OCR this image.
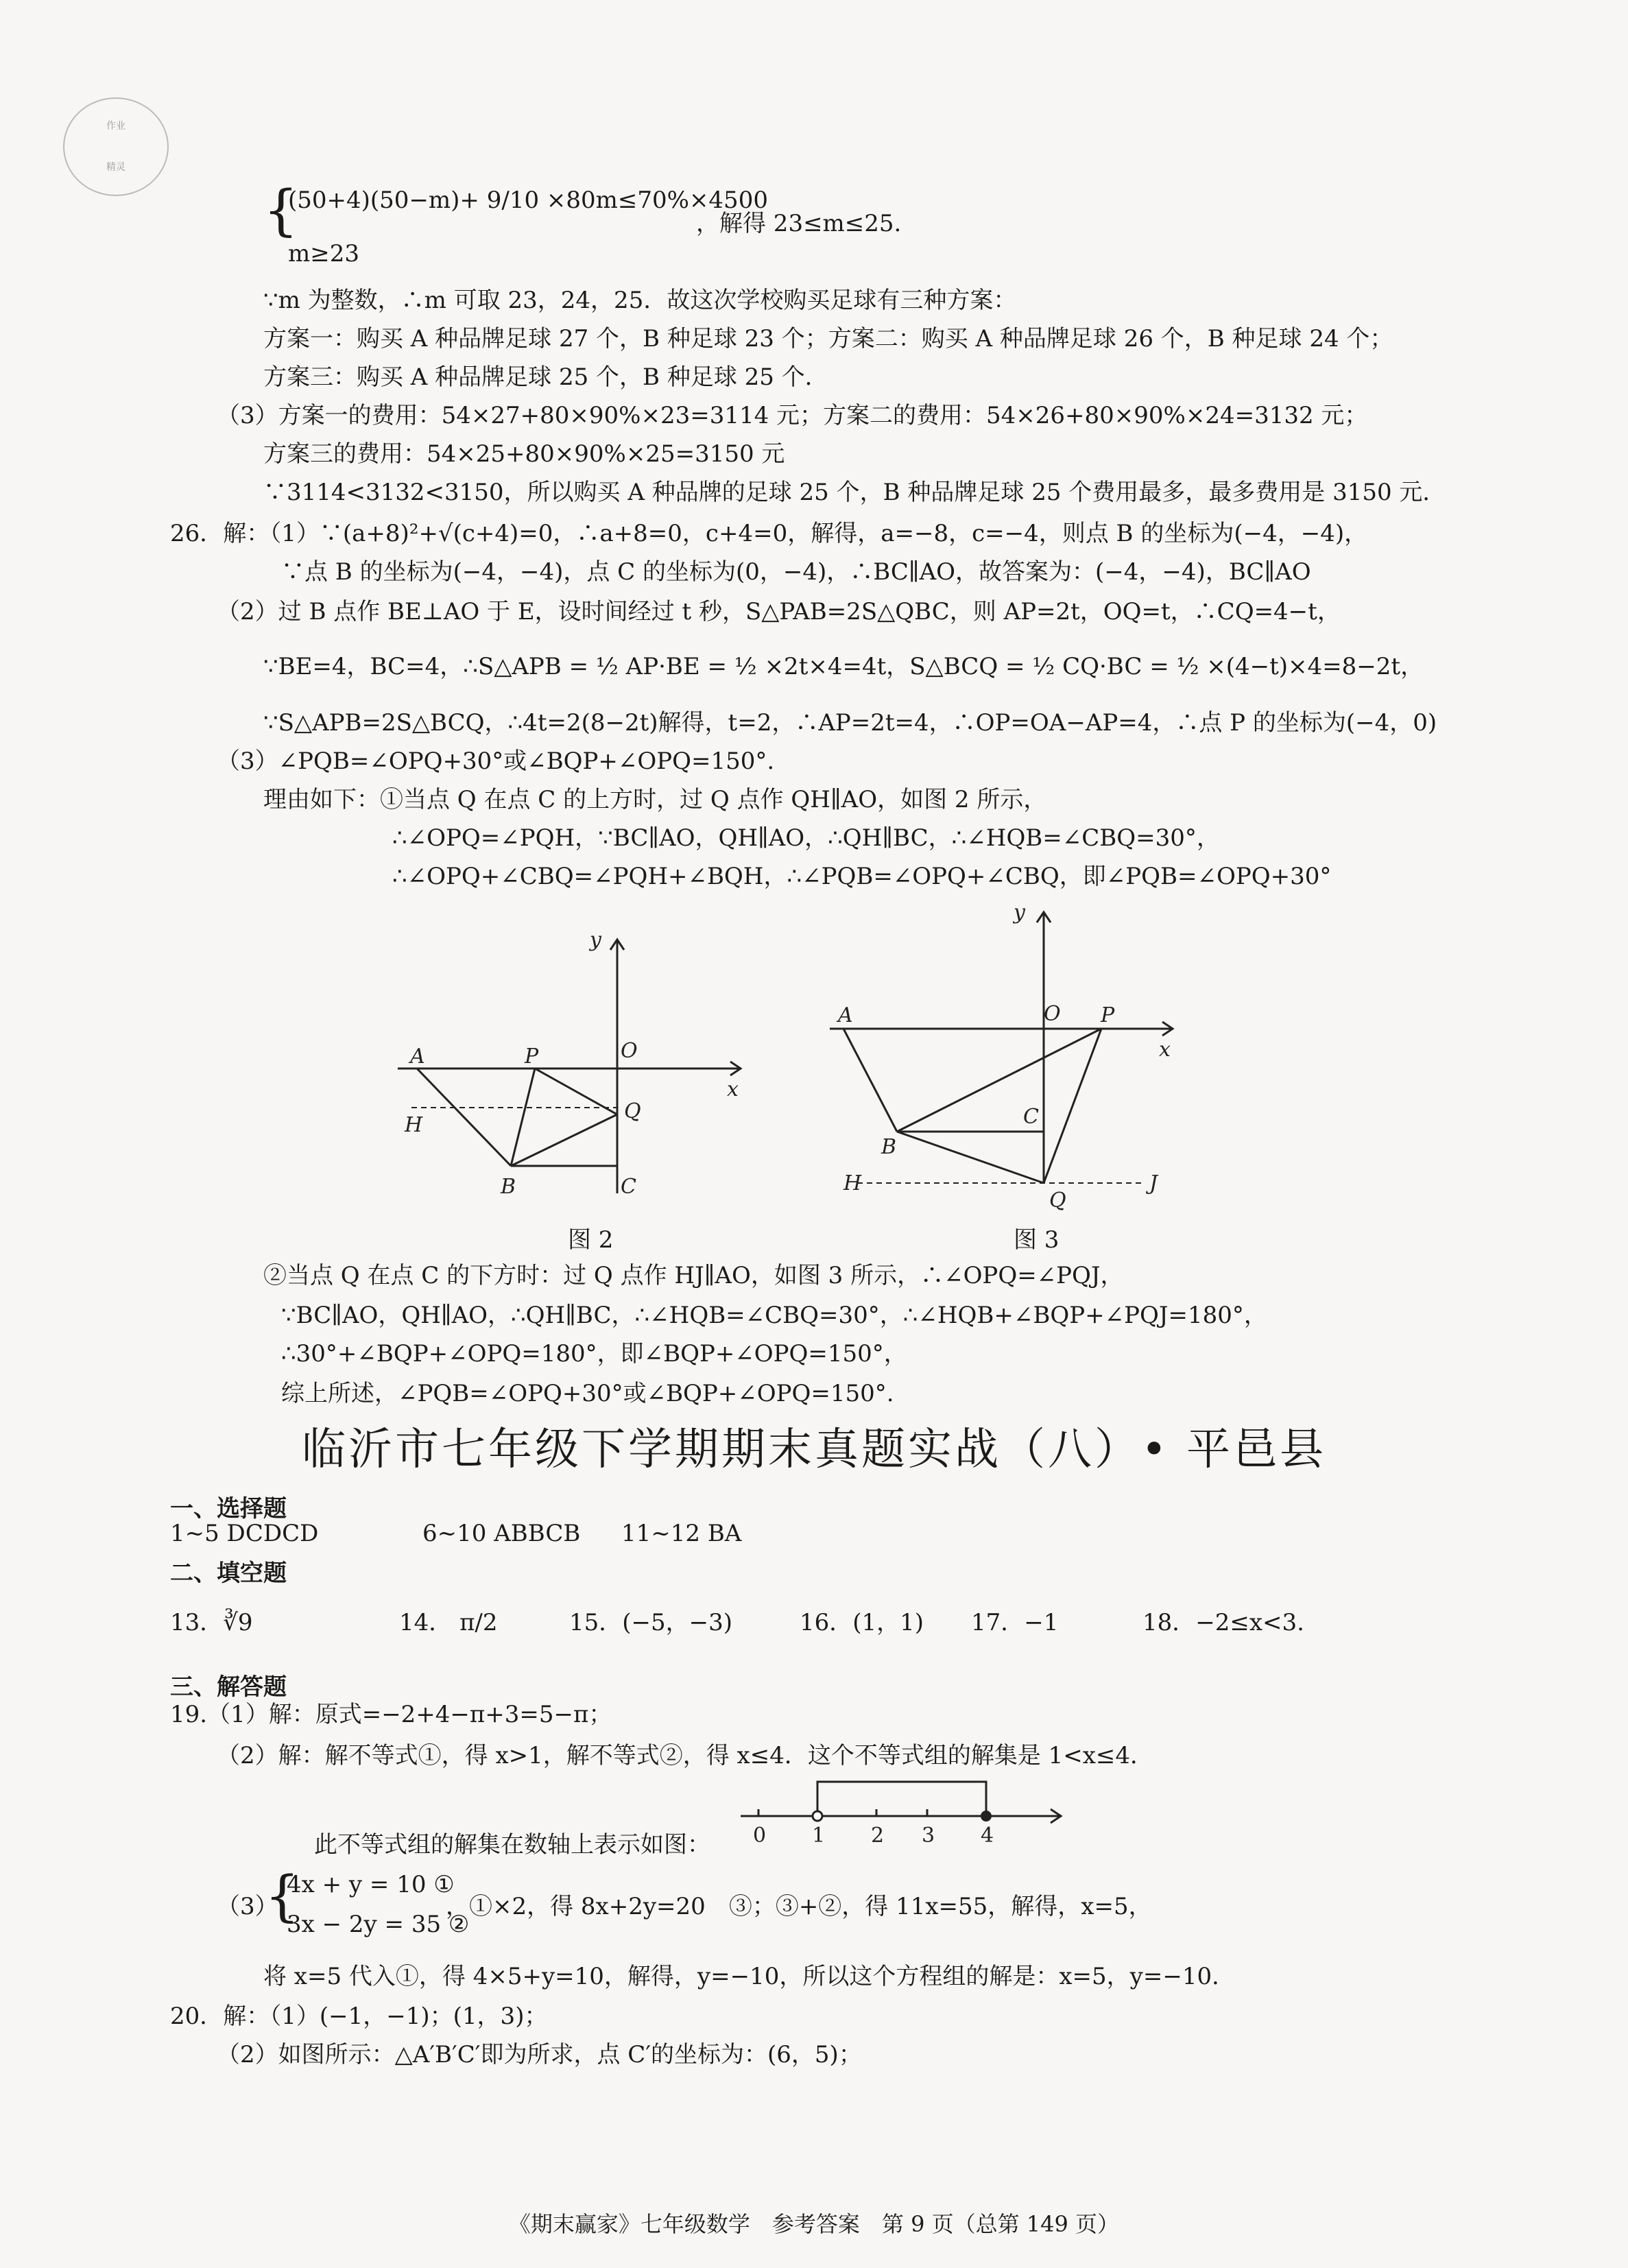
作业
精灵
{
(50+4)(50−m)+ 9/10 ×80m≤70%×4500
m≥23
，解得 23≤m≤25.
∵m 为整数，∴m 可取 23，24，25．故这次学校购买足球有三种方案：
方案一：购买 A 种品牌足球 27 个，B 种足球 23 个；方案二：购买 A 种品牌足球 26 个，B 种足球 24 个；
方案三：购买 A 种品牌足球 25 个，B 种足球 25 个．
（3）方案一的费用：54×27+80×90%×23=3114 元；方案二的费用：54×26+80×90%×24=3132 元；
方案三的费用：54×25+80×90%×25=3150 元
∵3114<3132<3150，所以购买 A 种品牌的足球 25 个，B 种品牌足球 25 个费用最多，最多费用是 3150 元．
26．解：（1）∵(a+8)²+√(c+4)=0，∴a+8=0，c+4=0，解得，a=−8，c=−4，则点 B 的坐标为(−4，−4)，
∵点 B 的坐标为(−4，−4)，点 C 的坐标为(0，−4)，∴BC∥AO，故答案为：(−4，−4)，BC∥AO
（2）过 B 点作 BE⊥AO 于 E，设时间经过 t 秒，S△PAB=2S△QBC，则 AP=2t，OQ=t，∴CQ=4−t，
∵BE=4，BC=4，∴S△APB = ½ AP·BE = ½ ×2t×4=4t，S△BCQ = ½ CQ·BC = ½ ×(4−t)×4=8−2t，
∵S△APB=2S△BCQ，∴4t=2(8−2t)解得，t=2，∴AP=2t=4，∴OP=OA−AP=4，∴点 P 的坐标为(−4，0)
（3）∠PQB=∠OPQ+30°或∠BQP+∠OPQ=150°.
理由如下：①当点 Q 在点 C 的上方时，过 Q 点作 QH∥AO，如图 2 所示，
∴∠OPQ=∠PQH，∵BC∥AO，QH∥AO，∴QH∥BC，∴∠HQB=∠CBQ=30°，
∴∠OPQ+∠CBQ=∠PQH+∠BQH，∴∠PQB=∠OPQ+∠CBQ，即∠PQB=∠OPQ+30°
y
x
O
A	P
Q
H
B	C
图 2
y
x
O
A	P
C
B
H
Q
J
图 3
②当点 Q 在点 C 的下方时：过 Q 点作 HJ∥AO，如图 3 所示，∴∠OPQ=∠PQJ，
∵BC∥AO，QH∥AO，∴QH∥BC，∴∠HQB=∠CBQ=30°，∴∠HQB+∠BQP+∠PQJ=180°，
∴30°+∠BQP+∠OPQ=180°，即∠BQP+∠OPQ=150°，
综上所述，∠PQB=∠OPQ+30°或∠BQP+∠OPQ=150°.
临沂市七年级下学期期末真题实战（八）• 平邑县
一、选择题
1~5 DCDCD	6~10 ABBCB 11~12 BA
二、填空题
13．∛9	14． π/2	15．(−5，−3)	16．(1，1) 17．−1	18．−2≤x<3.
三、解答题
19.（1）解：原式=−2+4−π+3=5−π；
（2）解：解不等式①，得 x>1，解不等式②，得 x≤4．这个不等式组的解集是 1<x≤4．
0 1 2 3 4
此不等式组的解集在数轴上表示如图：
（3）
{
4x + y = 10 ①
3x − 2y = 35 ②
，①×2，得 8x+2y=20　③；③+②，得 11x=55，解得，x=5，
将 x=5 代入①，得 4×5+y=10，解得，y=−10，所以这个方程组的解是：x=5，y=−10．
20．解：（1）(−1，−1)；(1，3)；
（2）如图所示：△A′B′C′即为所求，点 C′的坐标为：(6，5)；
《期末赢家》七年级数学　参考答案　第 9 页（总第 149 页）
